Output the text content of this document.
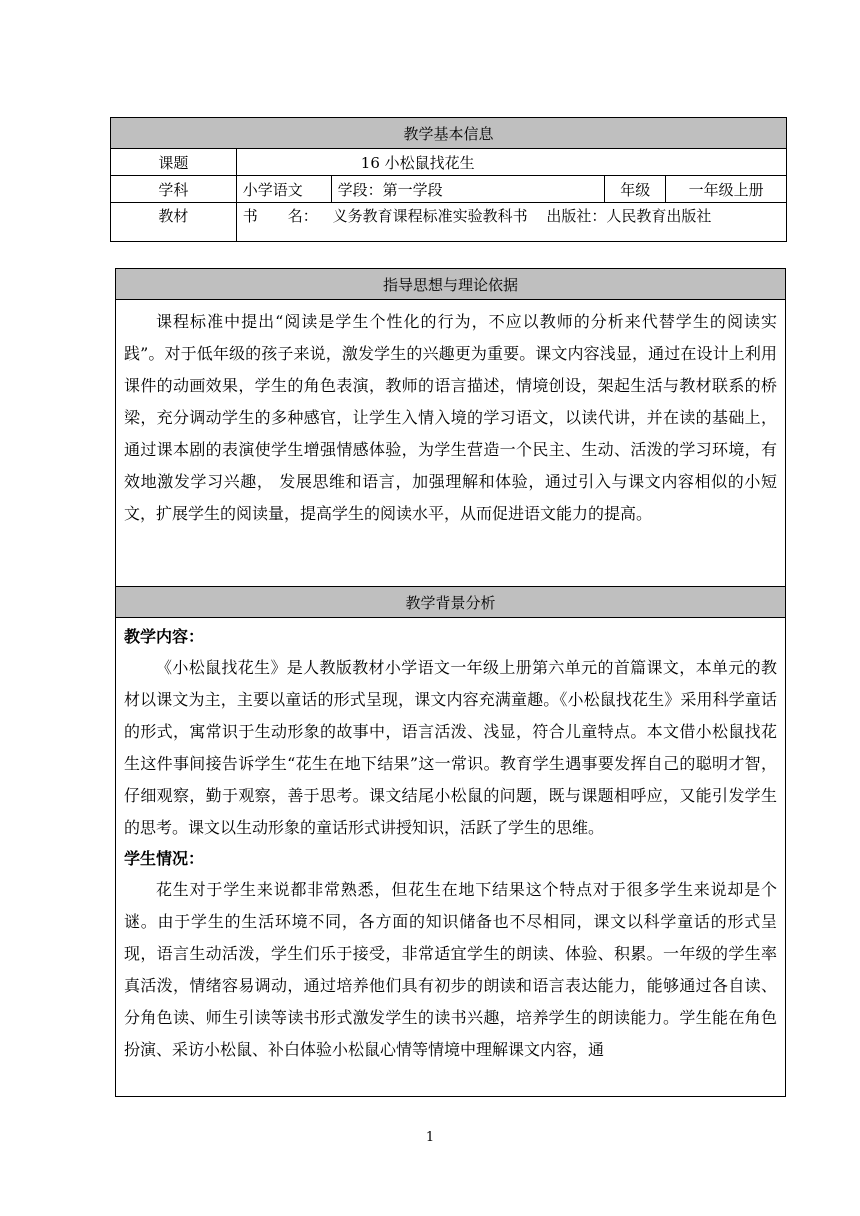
教学基本信息				
课题	16 小松鼠找花生			
学科	小学语文	学段：第一学段	年级	一年级上册
教材	书　　名： 义务教育课程标准实验教科书 出版社：人民教育出版社			
指导思想与理论依据

课程标准中提出“阅读是学生个性化的行为，不应以教师的分析来代替学生的阅读实践”。对于低年级的孩子来说，激发学生的兴趣更为重要。课文内容浅显，通过在设计上利用课件的动画效果，学生的角色表演，教师的语言描述，情境创设，架起生活与教材联系的桥梁，充分调动学生的多种感官，让学生入情入境的学习语文，以读代讲，并在读的基础上，通过课本剧的表演使学生增强情感体验，为学生营造一个民主、生动、活泼的学习环境，有效地激发学习兴趣， 发展思维和语言，加强理解和体验，通过引入与课文内容相似的小短文，扩展学生的阅读量，提高学生的阅读水平，从而促进语文能力的提高。

教学背景分析

教学内容：

《小松鼠找花生》是人教版教材小学语文一年级上册第六单元的首篇课文，本单元的教材以课文为主，主要以童话的形式呈现，课文内容充满童趣。《小松鼠找花生》采用科学童话的形式，寓常识于生动形象的故事中，语言活泼、浅显，符合儿童特点。本文借小松鼠找花生这件事间接告诉学生“花生在地下结果”这一常识。教育学生遇事要发挥自己的聪明才智，仔细观察，勤于观察，善于思考。课文结尾小松鼠的问题，既与课题相呼应，又能引发学生的思考。课文以生动形象的童话形式讲授知识，活跃了学生的思维。

学生情况：

花生对于学生来说都非常熟悉，但花生在地下结果这个特点对于很多学生来说却是个谜。由于学生的生活环境不同，各方面的知识储备也不尽相同，课文以科学童话的形式呈现，语言生动活泼，学生们乐于接受，非常适宜学生的朗读、体验、积累。一年级的学生率真活泼，情绪容易调动，通过培养他们具有初步的朗读和语言表达能力，能够通过各自读、分角色读、师生引读等读书形式激发学生的读书兴趣，培养学生的朗读能力。学生能在角色扮演、采访小松鼠、补白体验小松鼠心情等情境中理解课文内容，通

1
